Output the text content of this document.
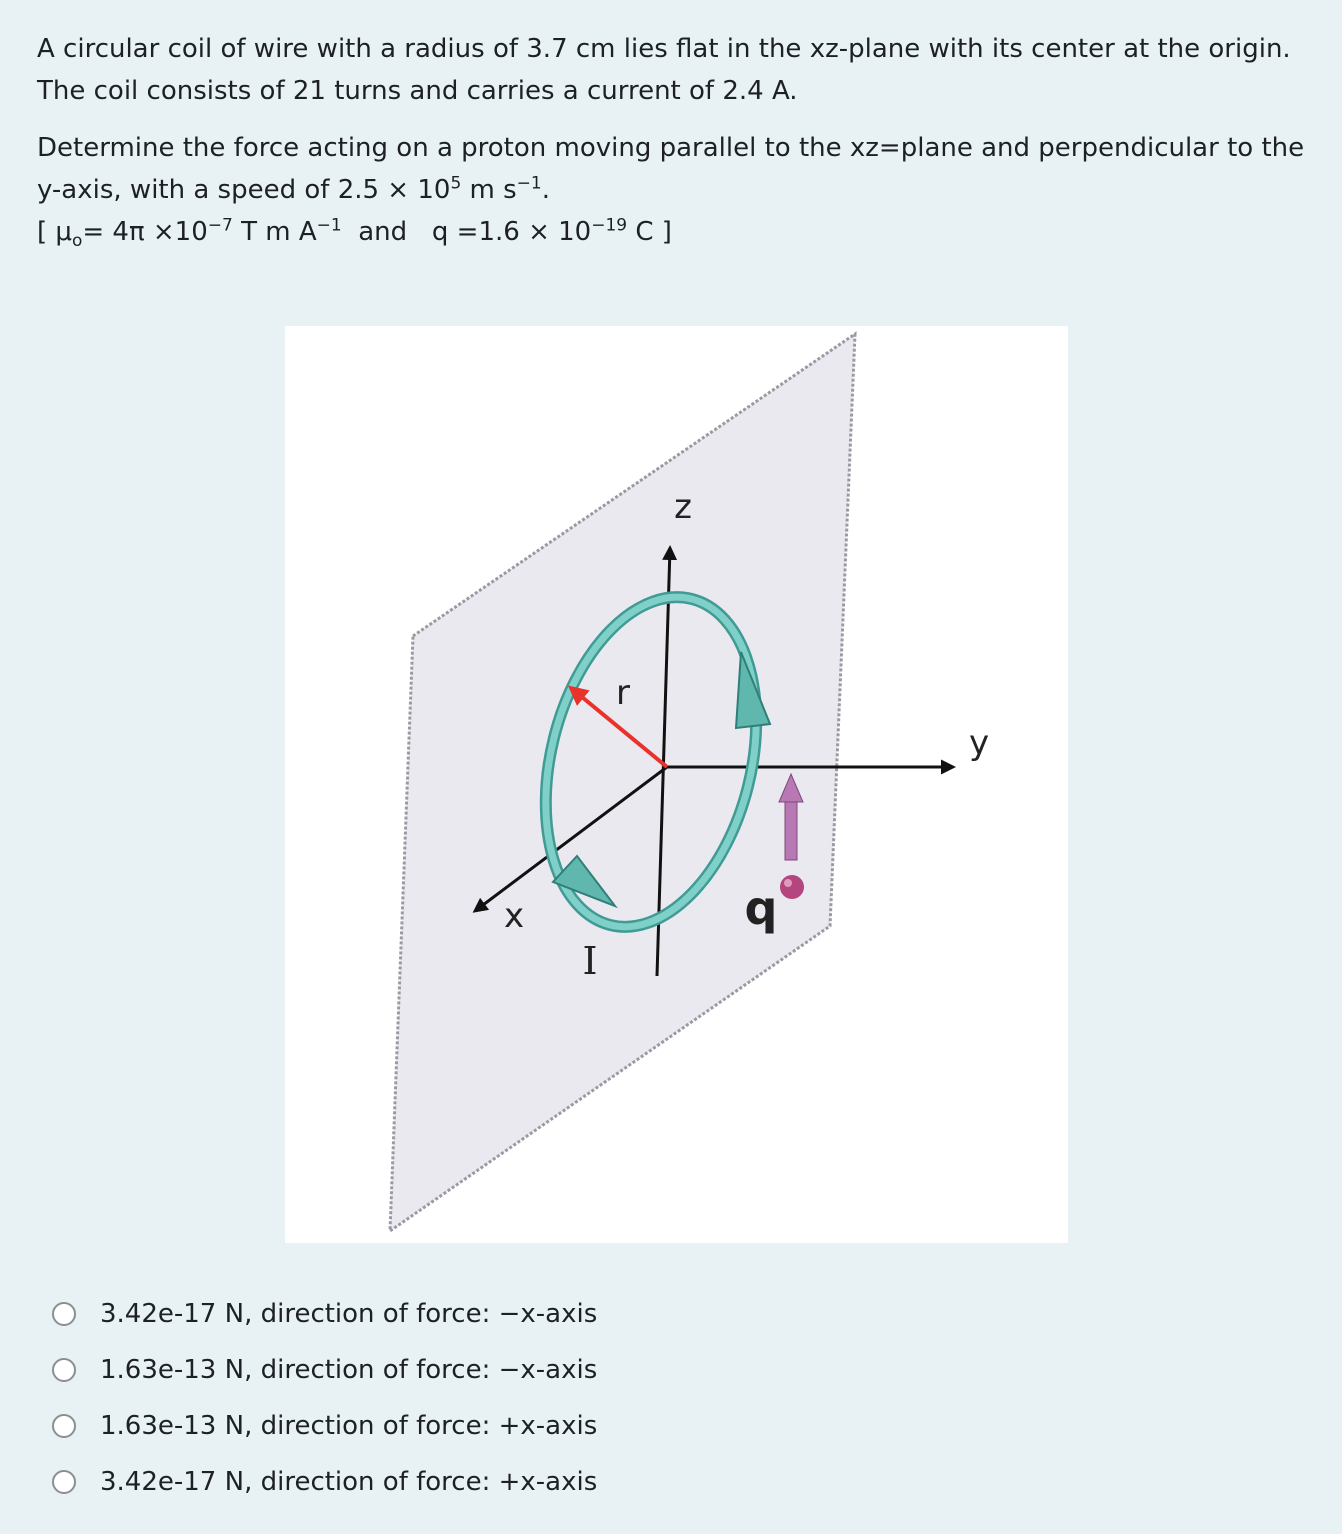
A circular coil of wire with a radius of 3.7 cm lies flat in the xz-plane with its center at the origin. The coil consists of 21 turns and carries a current of 2.4 A.

Determine the force acting on a proton moving parallel to the xz=plane and perpendicular to the y-axis, with a speed of $2.5 \times 10^5$ m $s^{-1}$.

[ $\mu_o= 4\pi \times 10^{-7}$ T m $A^{-1}$  and   $q =1.6 \times 10^{-19}$ C ]

z
y
x
r
I
q
3.42e-17 N, direction of force: −x-axis
1.63e-13 N, direction of force: −x-axis
1.63e-13 N, direction of force: +x-axis
3.42e-17 N, direction of force: +x-axis
